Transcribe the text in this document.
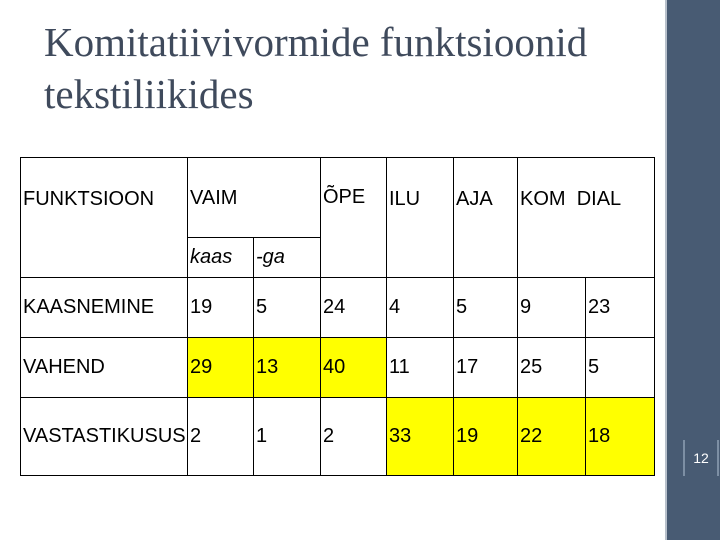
Komitatiivivormide funktsioonid
tekstiliikides
FUNKTSIOON	VAIM		ÕPE	ILU	AJA	KOM DIAL	
	kaas	-ga					
KAASNEMINE	19	5	24	4	5	9	23
VAHEND	29	13	40	11	17	25	5
VASTASTIKUSUS	2	1	2	33	19	22	18
12
